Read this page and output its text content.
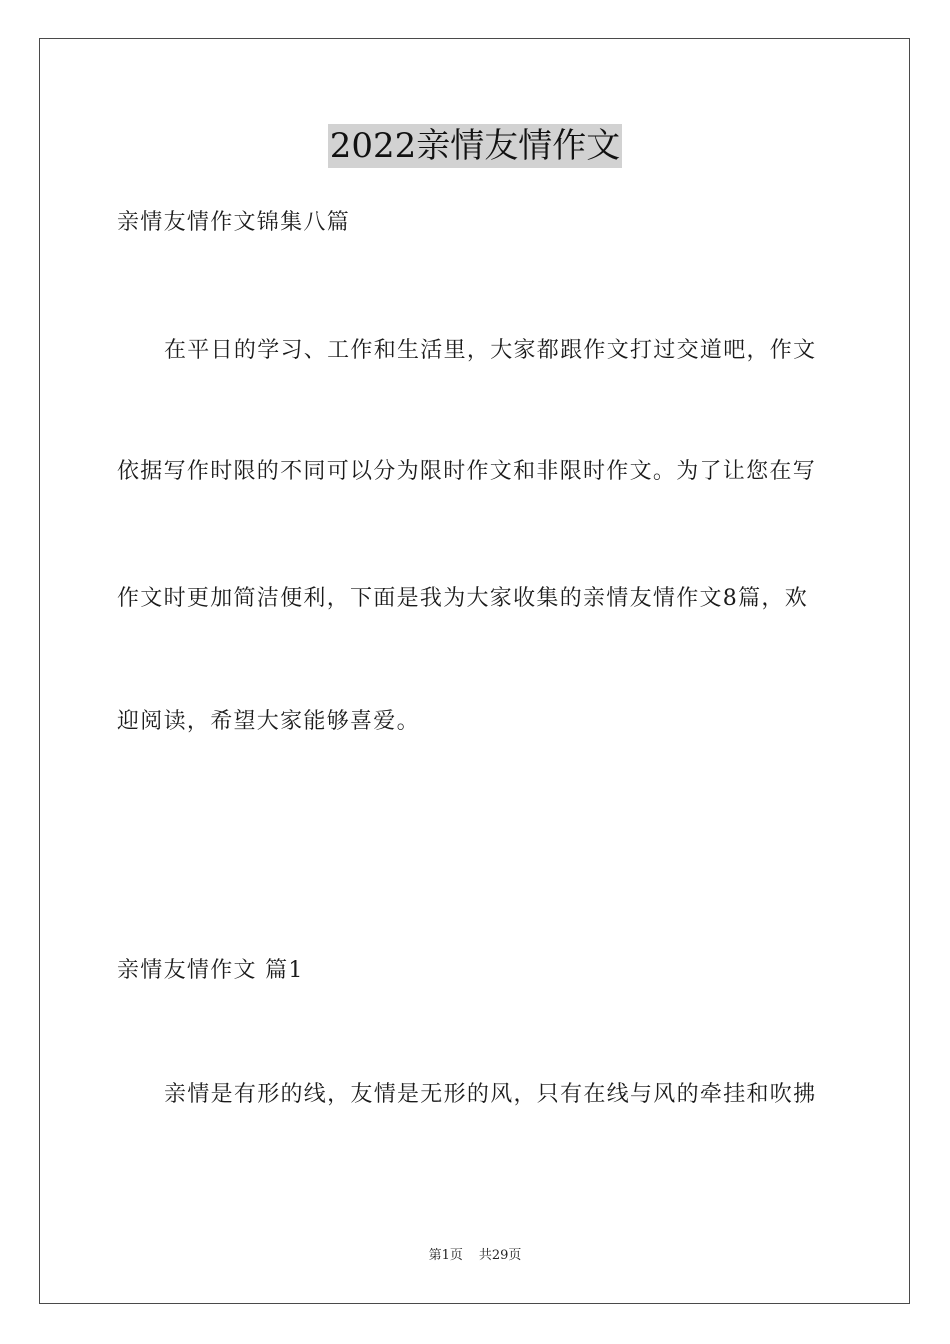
2022亲情友情作文
亲情友情作文锦集八篇
在平日的学习、工作和生活里，大家都跟作文打过交道吧，作文
依据写作时限的不同可以分为限时作文和非限时作文。为了让您在写
作文时更加简洁便利，下面是我为大家收集的亲情友情作文8篇，欢
迎阅读，希望大家能够喜爱。
亲情友情作文 篇1
亲情是有形的线，友情是无形的风，只有在线与风的牵挂和吹拂
第1页 共29页
